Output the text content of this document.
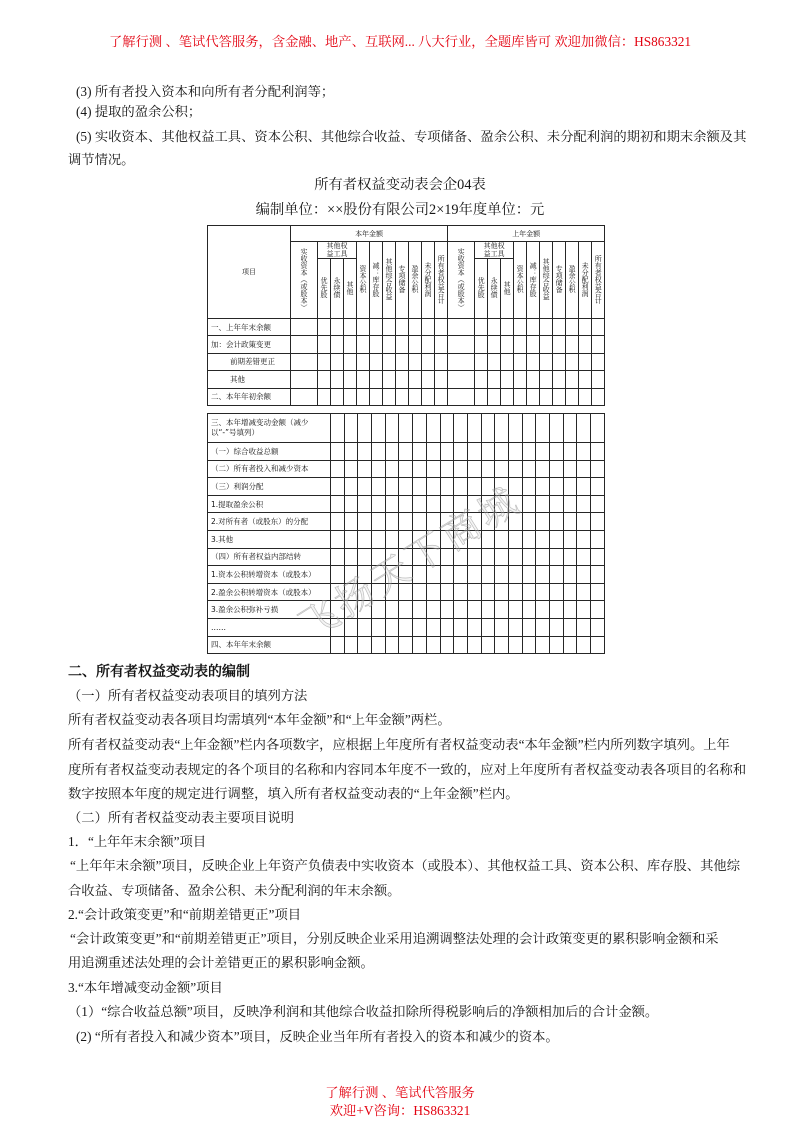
了解行测 、笔试代答服务，含金融、地产、互联网... 八大行业，全题库皆可 欢迎加微信：HS863321
(3) 所有者投入资本和向所有者分配利润等；
(4) 提取的盈余公积；
(5) 实收资本、其他权益工具、资本公积、其他综合收益、专项储备、盈余公积、未分配利润的期初和期末余额及其
调节情况。
所有者权益变动表会企04表
编制单位：××股份有限公司2×19年度单位：元
项目	本年金额											上年金额										
	实收资本（或股本）	其他权益工具			资本公积	减：库存股	其他综合收益	专项储备	盈余公积	未分配利润	所有者权益合计	实收资本（或股本）	其他权益工具			资本公积	减：库存股	其他综合收益	专项储备	盈余公积	未分配利润	所有者权益合计
		优先股	永续债	其他									优先股	永续债	其他							
一、上年年末余额																						
加：会计政策变更																						
前期差错更正																						
其他																						
二、本年年初余额																						
三、本年增减变动金额（减少
以“-”号填列）																				

（一）综合收益总额																				
（二）所有者投入和减少资本																				
（三）利润分配																				
1.提取盈余公积																				
2.对所有者（或股东）的分配																				
3.其他																				
（四）所有者权益内部结转																				
1.资本公积转增资本（或股本）																				
2.盈余公积转增资本（或股本）																				
3.盈余公积弥补亏损																				
……																				
四、本年年末余额																				飞扬天下商城
二、所有者权益变动表的编制
（一）所有者权益变动表项目的填列方法
所有者权益变动表各项目均需填列“本年金额”和“上年金额”两栏。
所有者权益变动表“上年金额”栏内各项数字，应根据上年度所有者权益变动表“本年金额”栏内所列数字填列。上年
度所有者权益变动表规定的各个项目的名称和内容同本年度不一致的，应对上年度所有者权益变动表各项目的名称和
数字按照本年度的规定进行调整，填入所有者权益变动表的“上年金额”栏内。
（二）所有者权益变动表主要项目说明
1．“上年年末余额”项目
“上年年末余额”项目，反映企业上年资产负债表中实收资本（或股本）、其他权益工具、资本公积、库存股、其他综
合收益、专项储备、盈余公积、未分配利润的年末余额。
2.“会计政策变更”和“前期差错更正”项目
“会计政策变更”和“前期差错更正”项目，分别反映企业采用追溯调整法处理的会计政策变更的累积影响金额和采
用追溯重述法处理的会计差错更正的累积影响金额。
3.“本年增减变动金额”项目
（1）“综合收益总额”项目，反映净利润和其他综合收益扣除所得税影响后的净额相加后的合计金额。
(2) “所有者投入和减少资本”项目，反映企业当年所有者投入的资本和减少的资本。
了解行测 、笔试代答服务
欢迎+V咨询：HS863321
